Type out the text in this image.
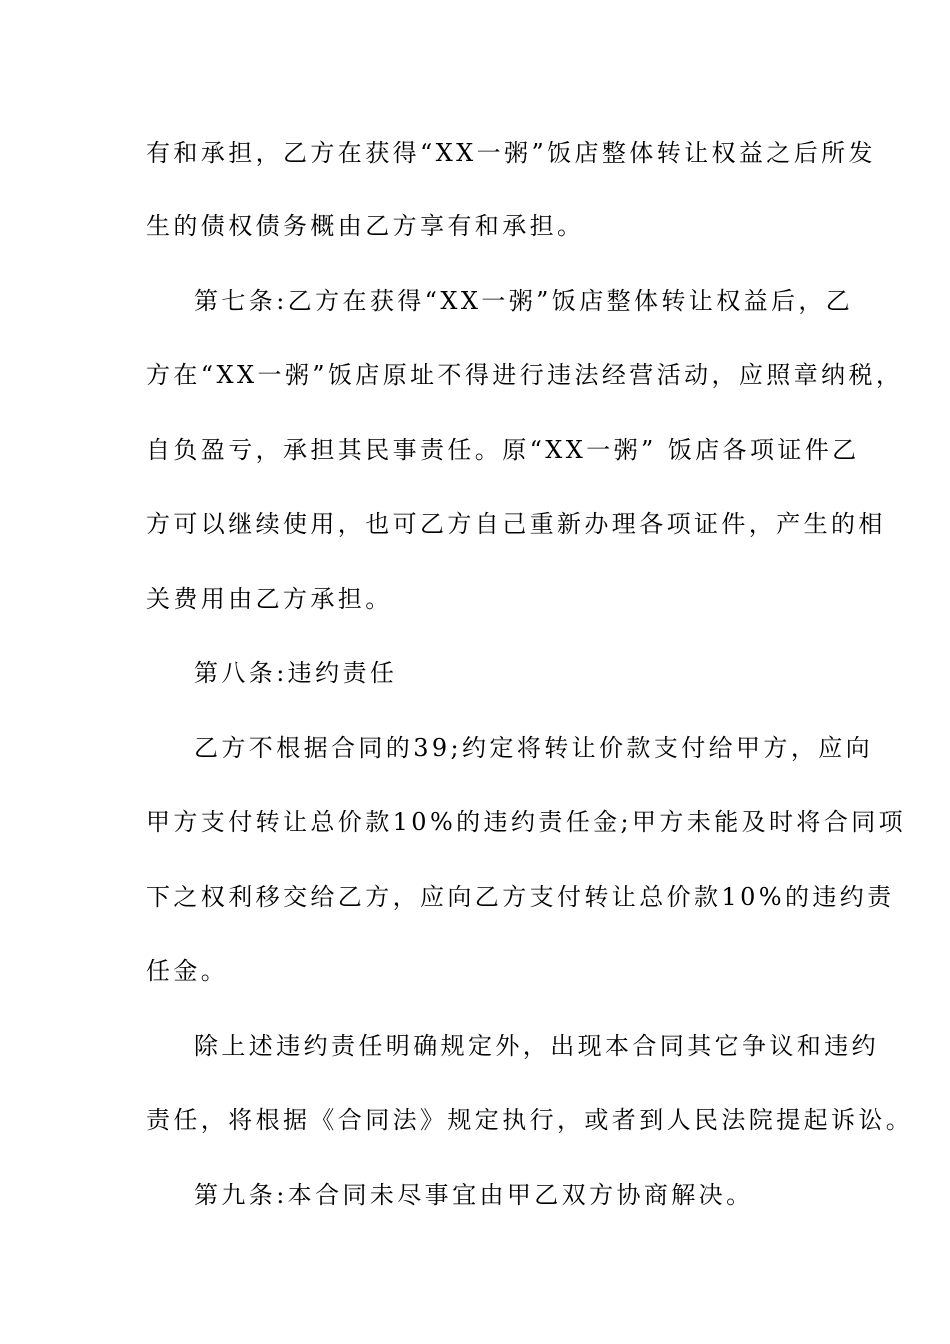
有和承担，乙方在获得“XX一粥”饭店整体转让权益之后所发
生的债权债务概由乙方享有和承担。
第七条:乙方在获得“XX一粥”饭店整体转让权益后，乙
方在“XX一粥”饭店原址不得进行违法经营活动，应照章纳税，
自负盈亏，承担其民事责任。原“XX一粥” 饭店各项证件乙
方可以继续使用，也可乙方自己重新办理各项证件，产生的相
关费用由乙方承担。
第八条:违约责任
乙方不根据合同的39;约定将转让价款支付给甲方，应向
甲方支付转让总价款10%的违约责任金;甲方未能及时将合同项
下之权利移交给乙方，应向乙方支付转让总价款10%的违约责
任金。
除上述违约责任明确规定外，出现本合同其它争议和违约
责任，将根据《合同法》规定执行，或者到人民法院提起诉讼。
第九条:本合同未尽事宜由甲乙双方协商解决。
